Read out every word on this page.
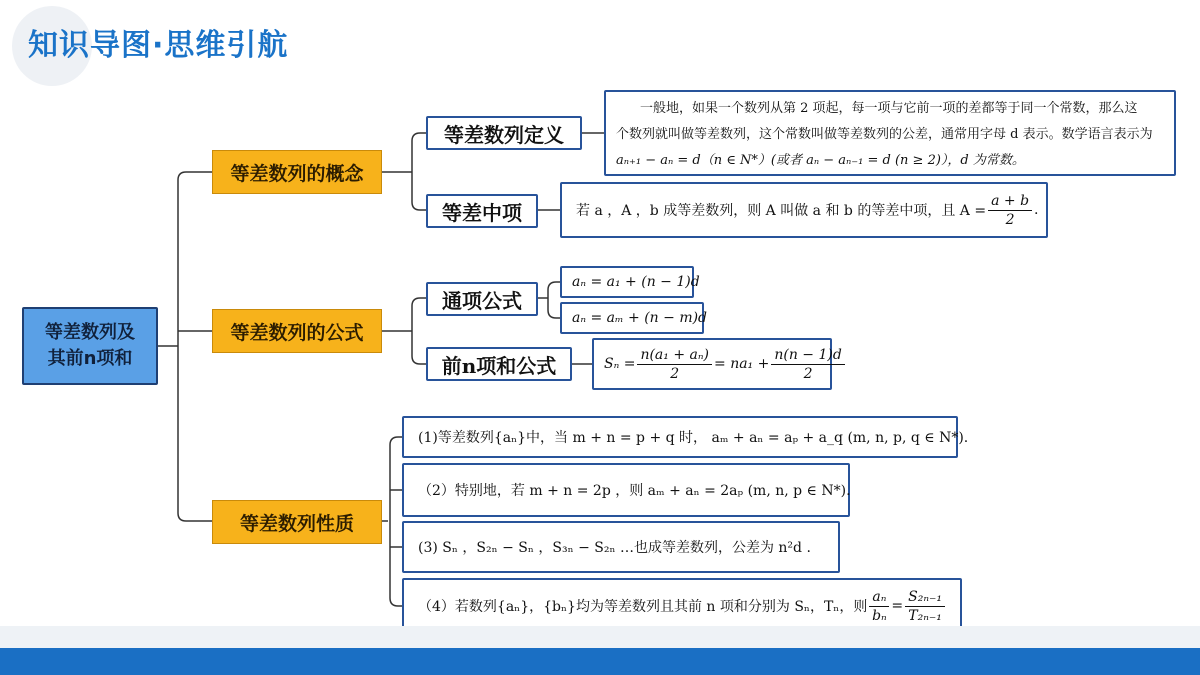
知识导图·思维引航
等差数列及
其前n项和
等差数列的概念
等差数列定义
一般地，如果一个数列从第 2 项起，每一项与它前一项的差都等于同一个常数，那么这
个数列就叫做等差数列，这个常数叫做等差数列的公差，通常用字母 d 表示。数学语言表示为
aₙ₊₁ − aₙ = d（n ∈ N*）(或者 aₙ − aₙ₋₁ = d (n ≥ 2)），d 为常数。
等差中项	若 a ，A ，b 成等差数列，则 A 叫做 a 和 b 的等差中项，且 $A = \frac{a + b}{2}$ .
等差数列的公式
通项公式
aₙ = a₁ + (n − 1)d
aₙ = aₘ + (n − m)d
前n项和公式	$S_n = \frac{\text{n(a₁ + aₙ)}}{2} = na_1 + \frac{n(n - 1)d}{2}$
等差数列性质
(1)等差数列{aₙ}中，当 m + n = p + q 时， aₘ + aₙ = aₚ + a_q (m, n, p, q ∈ N*).
（2）特别地，若 m + n = 2p ，则 aₘ + aₙ = 2aₚ (m, n, p ∈ N*).
(3) Sₙ ，S₂ₙ − Sₙ ，S₃ₙ − S₂ₙ …也成等差数列，公差为 n²d .
（4）若数列{aₙ}，{bₙ}均为等差数列且其前 n 项和分别为 Sₙ，Tₙ，则 $\frac{\text{aₙ}}{\text{bₙ}} = \frac{\text{S₂ₙ₋₁}}{\text{T₂ₙ₋₁}}$
